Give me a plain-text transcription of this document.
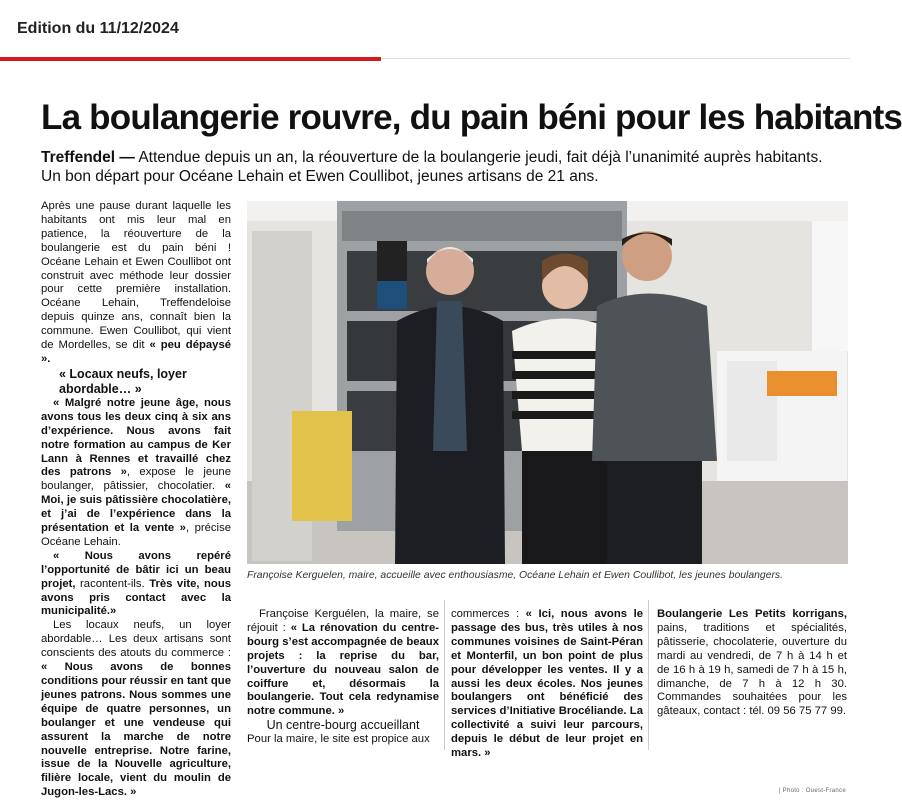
Edition du 11/12/2024
La boulangerie rouvre, du pain béni pour les habitants
Treffendel — Attendue depuis un an, la réouverture de la boulangerie jeudi, fait déjà l’unanimité auprès habitants. Un bon départ pour Océane Lehain et Ewen Coullibot, jeunes artisans de 21 ans.

Après une pause durant laquelle les habitants ont mis leur mal en patience, la réouverture de la boulangerie est du pain béni ! Océane Lehain et Ewen Coullibot ont construit avec méthode leur dossier pour cette première installation. Océane Lehain, Treffendeloise depuis quinze ans, connaît bien la commune. Ewen Coullibot, qui vient de Mordelles, se dit « peu dépaysé ».

« Locaux neufs, loyer abordable… »

« Malgré notre jeune âge, nous avons tous les deux cinq à six ans d’expérience. Nous avons fait notre formation au campus de Ker Lann à Rennes et travaillé chez des patrons », expose le jeune boulanger, pâtissier, chocolatier. « Moi, je suis pâtissière chocolatière, et j’ai de l’expérience dans la présentation et la vente », précise Océane Lehain.

« Nous avons repéré l’opportunité de bâtir ici un beau projet, racontent-ils. Très vite, nous avons pris contact avec la municipalité.»

Les locaux neufs, un loyer abordable… Les deux artisans sont conscients des atouts du commerce : « Nous avons de bonnes conditions pour réussir en tant que jeunes patrons. Nous sommes une équipe de quatre personnes, un boulanger et une vendeuse qui assurent la marche de notre nouvelle entreprise. Notre farine, issue de la Nouvelle agriculture, filière locale, vient du moulin de Jugon-les-Lacs. »	| Photo : Ouest-France
Françoise Kerguelen, maire, accueille avec enthousiasme, Océane Lehain et Ewen Coullibot, les jeunes boulangers.

Françoise Kerguélen, la maire, se réjouit : « La rénovation du centre-bourg s’est accompagnée de beaux projets : la reprise du bar, l’ouverture du nouveau salon de coiffure et, désormais la boulangerie. Tout cela redynamise notre commune. »

Un centre-bourg accueillant

Pour la maire, le site est propice aux

commerces : « Ici, nous avons le passage des bus, très utiles à nos communes voisines de Saint-Péran et Monterfil, un bon point de plus pour développer les ventes. Il y a aussi les deux écoles. Nos jeunes boulangers ont bénéficié des services d’Initiative Brocéliande. La collectivité a suivi leur parcours, depuis le début de leur projet en mars. »

Boulangerie Les Petits korrigans, pains, traditions et spécialités, pâtisserie, chocolaterie, ouverture du mardi au vendredi, de 7 h à 14 h et de 16 h à 19 h, samedi de 7 h à 15 h, dimanche, de 7 h à 12 h 30. Commandes souhaitées pour les gâteaux, contact : tél. 09 56 75 77 99.
